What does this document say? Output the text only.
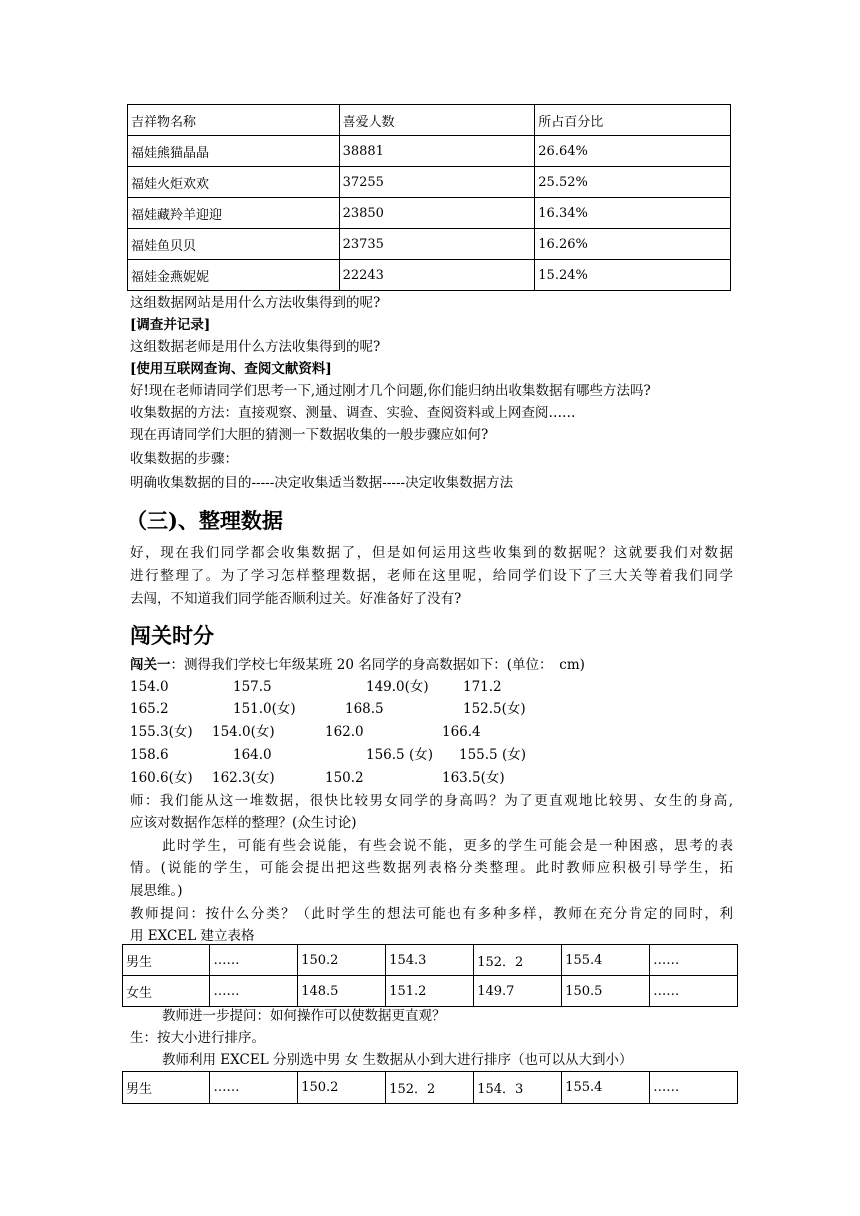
吉祥物名称	喜爱人数	所占百分比
福娃熊猫晶晶	38881	26.64%
福娃火炬欢欢	37255	25.52%
福娃藏羚羊迎迎	23850	16.34%
福娃鱼贝贝	23735	16.26%
福娃金燕妮妮	22243	15.24%
这组数据网站是用什么方法收集得到的呢?
[调查并记录]
这组数据老师是用什么方法收集得到的呢?
[使用互联网查询、查阅文献资料]
好!现在老师请同学们思考一下,通过刚才几个问题,你们能归纳出收集数据有哪些方法吗?
收集数据的方法：直接观察、测量、调查、实验、查阅资料或上网查阅……
现在再请同学们大胆的猜测一下数据收集的一般步骤应如何?
收集数据的步骤：
明确收集数据的目的-----决定收集适当数据-----决定收集数据方法
（三)、整理数据
好，现在我们同学都会收集数据了，但是如何运用这些收集到的数据呢？这就要我们对数据
进行整理了。为了学习怎样整理数据，老师在这里呢，给同学们设下了三大关等着我们同学
去闯，不知道我们同学能否顺利过关。好准备好了没有?
闯关时分
闯关一：测得我们学校七年级某班 20 名同学的身高数据如下：(单位：　cm)
154.0	157.5	149.0(女)	171.2
165.2	151.0(女)	168.5	152.5(女)
155.3(女) 154.0(女)	162.0	166.4
158.6	164.0	156.5 (女) 155.5 (女)
160.6(女) 162.3(女)	150.2	163.5(女)
师：我们能从这一堆数据，很快比较男女同学的身高吗？为了更直观地比较男、女生的身高,
应该对数据作怎样的整理？(众生讨论)
此时学生，可能有些会说能，有些会说不能，更多的学生可能会是一种困惑，思考的表
情。(说能的学生，可能会提出把这些数据列表格分类整理。此时教师应积极引导学生，拓
展思维。)
教师提问：按什么分类？（此时学生的想法可能也有多种多样，教师在充分肯定的同时，利
用 EXCEL 建立表格
男生	……	150.2	154.3	152．2	155.4	……
女生	……	148.5	151.2	149.7	150.5	……
教师进一步提问：如何操作可以使数据更直观？
生：按大小进行排序。
教师利用 EXCEL 分别选中男 女 生数据从小到大进行排序（也可以从大到小）
男生	……	150.2	152．2	154．3	155.4	……
